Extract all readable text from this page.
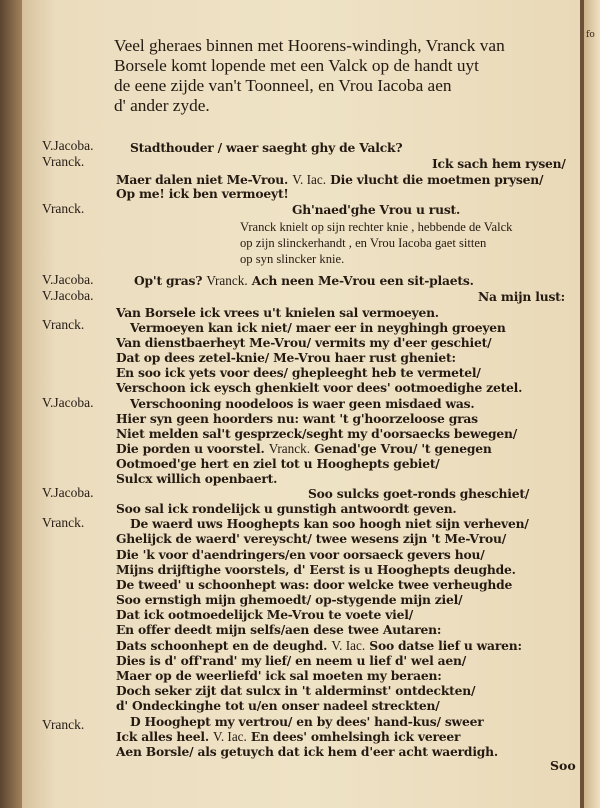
Veel gheraes binnen met Hoorens-windingh, Vranck van
Borsele komt lopende met een Valck op de handt uyt
de eene zijde van't Toonneel, en Vrou Iacoba aen
d' ander zyde.
V.Jacoba.
Vranck.
Vranck.
V.Jacoba.
V.Jacoba.
Vranck.
V.Jacoba.
V.Jacoba.
Vranck.
Vranck.
Stadthouder / waer saeght ghy de Valck?
Ick sach hem rysen/
Maer dalen niet Me-Vrou. V. Iac. Die vlucht die moetmen prysen/
Op me! ick ben vermoeyt!
Gh'naed'ghe Vrou u rust.
Vranck knielt op sijn rechter knie , hebbende de Valck
op zijn slinckerhandt , en Vrou Iacoba gaet sitten
op syn slincker knie.
Op't gras? Vranck. Ach neen Me-Vrou een sit-plaets.
Na mijn lust:
Van Borsele ick vrees u't knielen sal vermoeyen.
Vermoeyen kan ick niet/ maer eer in neyghingh groeyen
Van dienstbaerheyt Me-Vrou/ vermits my d'eer geschiet/
Dat op dees zetel-knie/ Me-Vrou haer rust gheniet:
En soo ick yets voor dees/ ghepleeght heb te vermetel/
Verschoon ick eysch ghenkielt voor dees' ootmoedighe zetel.
Verschooning noodeloos is waer geen misdaed was.
Hier syn geen hoorders nu: want 't g'hoorzeloose gras
Niet melden sal't gesprzeck/seght my d'oorsaecks bewegen/
Die porden u voorstel. Vranck. Genad'ge Vrou/ 't genegen
Ootmoed'ge hert en ziel tot u Hooghepts gebiet/
Sulcx willich openbaert.
Soo sulcks goet-ronds gheschiet/
Soo sal ick rondelijck u gunstigh antwoordt geven.
De waerd uws Hooghepts kan soo hoogh niet sijn verheven/
Ghelijck de waerd' vereyscht/ twee wesens zijn 't Me-Vrou/
Die 'k voor d'aendringers/en voor oorsaeck gevers hou/
Mijns drijftighe voorstels, d' Eerst is u Hooghepts deughde.
De tweed' u schoonhept was: door welcke twee verheughde
Soo ernstigh mijn ghemoedt/ op-stygende mijn ziel/
Dat ick ootmoedelijck Me-Vrou te voete viel/
En offer deedt mijn selfs/aen dese twee Autaren:
Dats schoonhept en de deughd. V. Iac. Soo datse lief u waren:
Dies is d' off'rand' my lief/ en neem u lief d' wel aen/
Maer op de weerliefd' ick sal moeten my beraen:
Doch seker zijt dat sulcx in 't alderminst' ontdeckten/
d' Ondeckinghe tot u/en onser nadeel streckten/
D Hooghept my vertrou/ en by dees' hand-kus/ sweer
Ick alles heel. V. Iac. En dees' omhelsingh ick vereer
Aen Borsle/ als getuych dat ick hem d'eer acht waerdigh.
Soo
fo
